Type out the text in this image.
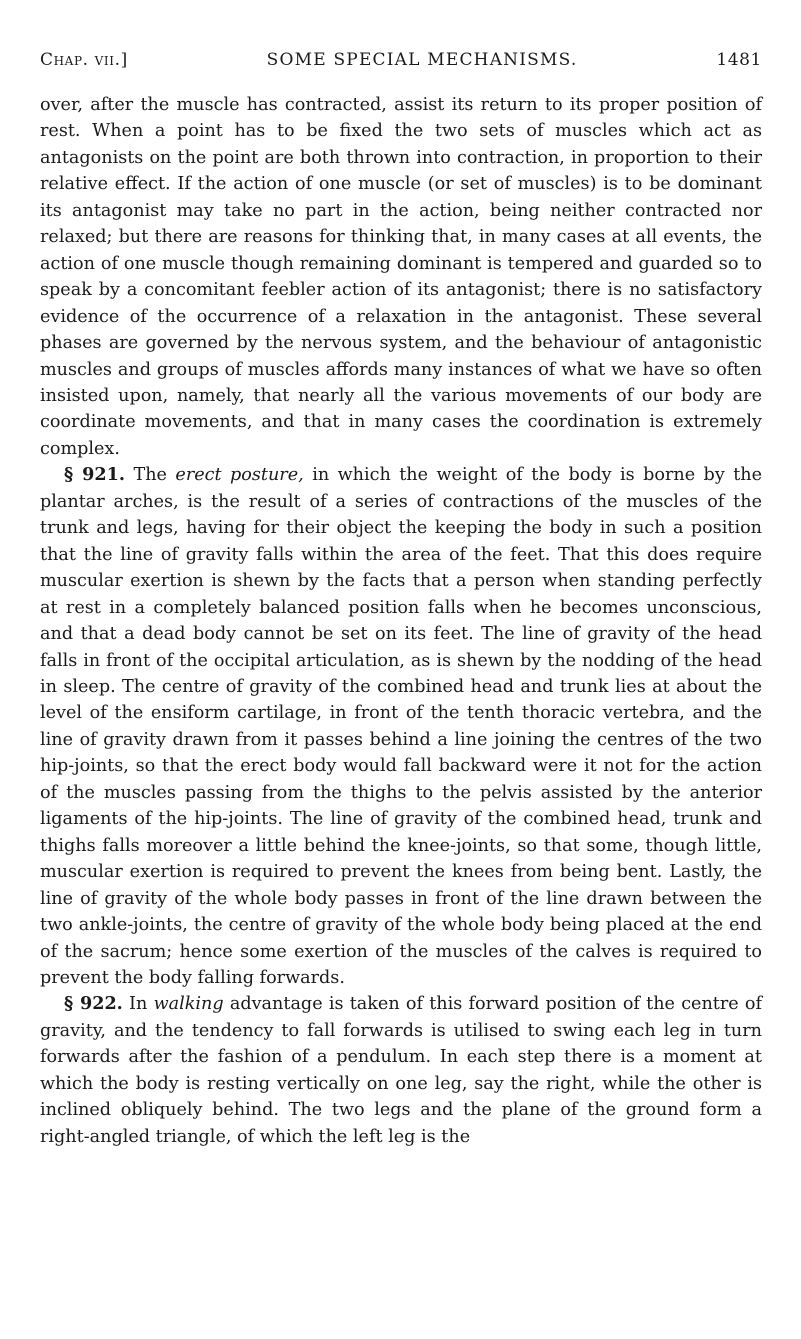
Chap. vii.]	SOME SPECIAL MECHANISMS.	1481

over, after the muscle has contracted, assist its return to its proper position of rest. When a point has to be fixed the two sets of muscles which act as antagonists on the point are both thrown into contraction, in proportion to their relative effect. If the action of one muscle (or set of muscles) is to be dominant its antagonist may take no part in the action, being neither contracted nor relaxed; but there are reasons for thinking that, in many cases at all events, the action of one muscle though remaining dominant is tempered and guarded so to speak by a concomitant feebler action of its antagonist; there is no satisfactory evidence of the occurrence of a relaxation in the antagonist. These several phases are governed by the nervous system, and the behaviour of antagonistic muscles and groups of muscles affords many instances of what we have so often insisted upon, namely, that nearly all the various movements of our body are coordinate movements, and that in many cases the coordination is extremely complex.

§ 921. The erect posture, in which the weight of the body is borne by the plantar arches, is the result of a series of contractions of the muscles of the trunk and legs, having for their object the keeping the body in such a position that the line of gravity falls within the area of the feet. That this does require muscular exertion is shewn by the facts that a person when standing perfectly at rest in a completely balanced position falls when he becomes unconscious, and that a dead body cannot be set on its feet. The line of gravity of the head falls in front of the occipital articulation, as is shewn by the nodding of the head in sleep. The centre of gravity of the combined head and trunk lies at about the level of the ensiform cartilage, in front of the tenth thoracic vertebra, and the line of gravity drawn from it passes behind a line joining the centres of the two hip-joints, so that the erect body would fall backward were it not for the action of the muscles passing from the thighs to the pelvis assisted by the anterior ligaments of the hip-joints. The line of gravity of the combined head, trunk and thighs falls moreover a little behind the knee-joints, so that some, though little, muscular exertion is required to prevent the knees from being bent. Lastly, the line of gravity of the whole body passes in front of the line drawn between the two ankle-joints, the centre of gravity of the whole body being placed at the end of the sacrum; hence some exertion of the muscles of the calves is required to prevent the body falling forwards.

§ 922. In walking advantage is taken of this forward position of the centre of gravity, and the tendency to fall forwards is utilised to swing each leg in turn forwards after the fashion of a pendulum. In each step there is a moment at which the body is resting vertically on one leg, say the right, while the other is inclined obliquely behind. The two legs and the plane of the ground form a right-angled triangle, of which the left leg is the
